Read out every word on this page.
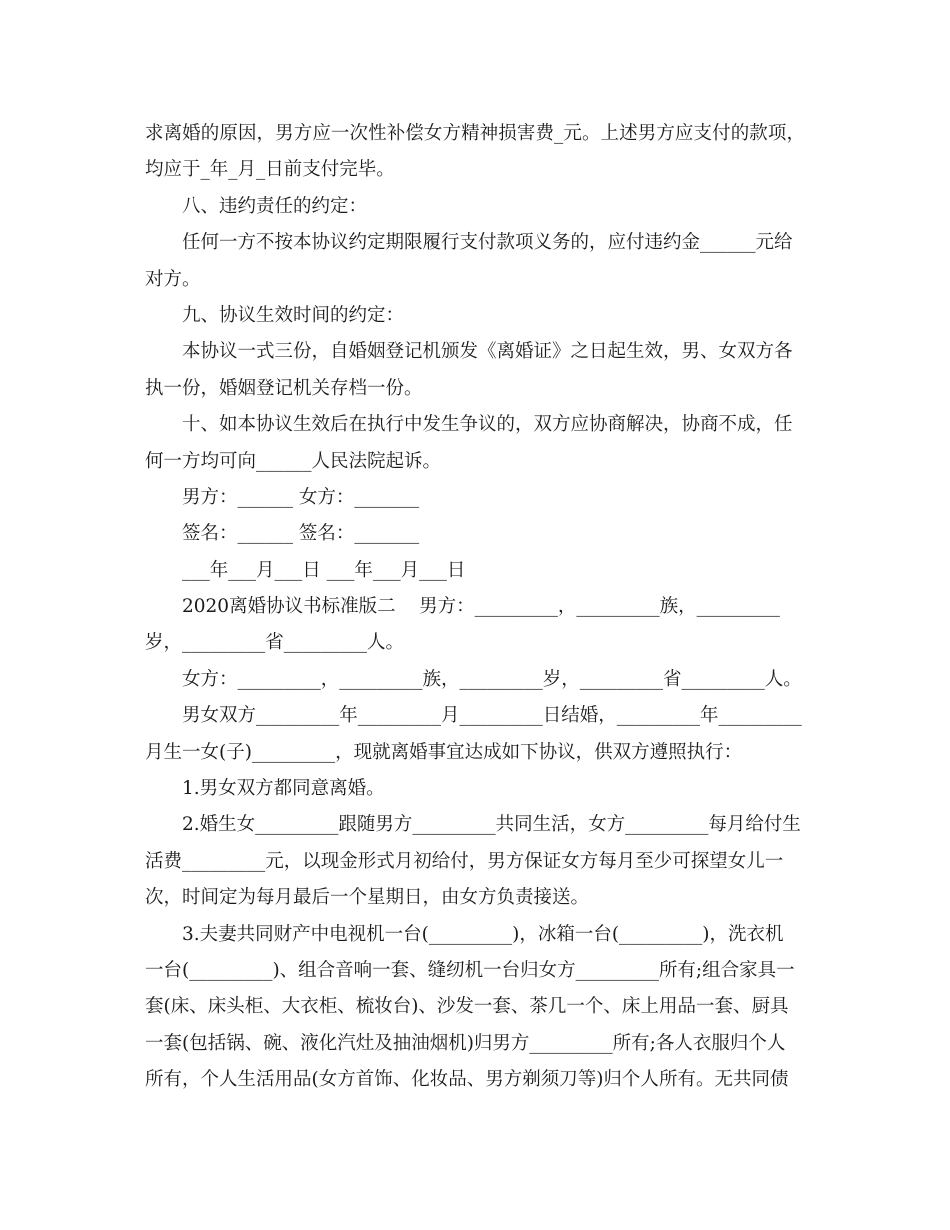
求离婚的原因，男方应一次性补偿女方精神损害费_元。上述男方应支付的款项，
均应于_年_月_日前支付完毕。
八、违约责任的约定：
任何一方不按本协议约定期限履行支付款项义务的，应付违约金______元给
对方。
九、协议生效时间的约定：
本协议一式三份，自婚姻登记机颁发《离婚证》之日起生效，男、女双方各
执一份，婚姻登记机关存档一份。
十、如本协议生效后在执行中发生争议的，双方应协商解决，协商不成，任
何一方均可向______人民法院起诉。
男方：______ 女方：_______
签名：______ 签名：_______
___年___月___日 ___年___月___日
2020离婚协议书标准版二    男方：_________，_________族，_________
岁，_________省_________人。
女方：_________，_________族，_________岁，_________省_________人。
男女双方_________年_________月_________日结婚，_________年_________
月生一女(子)_________，现就离婚事宜达成如下协议，供双方遵照执行：
1.男女双方都同意离婚。
2.婚生女_________跟随男方_________共同生活，女方_________每月给付生
活费_________元，以现金形式月初给付，男方保证女方每月至少可探望女儿一
次，时间定为每月最后一个星期日，由女方负责接送。
3.夫妻共同财产中电视机一台(_________)，冰箱一台(_________)，洗衣机
一台(_________)、组合音响一套、缝纫机一台归女方_________所有;组合家具一
套(床、床头柜、大衣柜、梳妆台)、沙发一套、茶几一个、床上用品一套、厨具
一套(包括锅、碗、液化汽灶及抽油烟机)归男方_________所有;各人衣服归个人
所有，个人生活用品(女方首饰、化妆品、男方剃须刀等)归个人所有。无共同债
